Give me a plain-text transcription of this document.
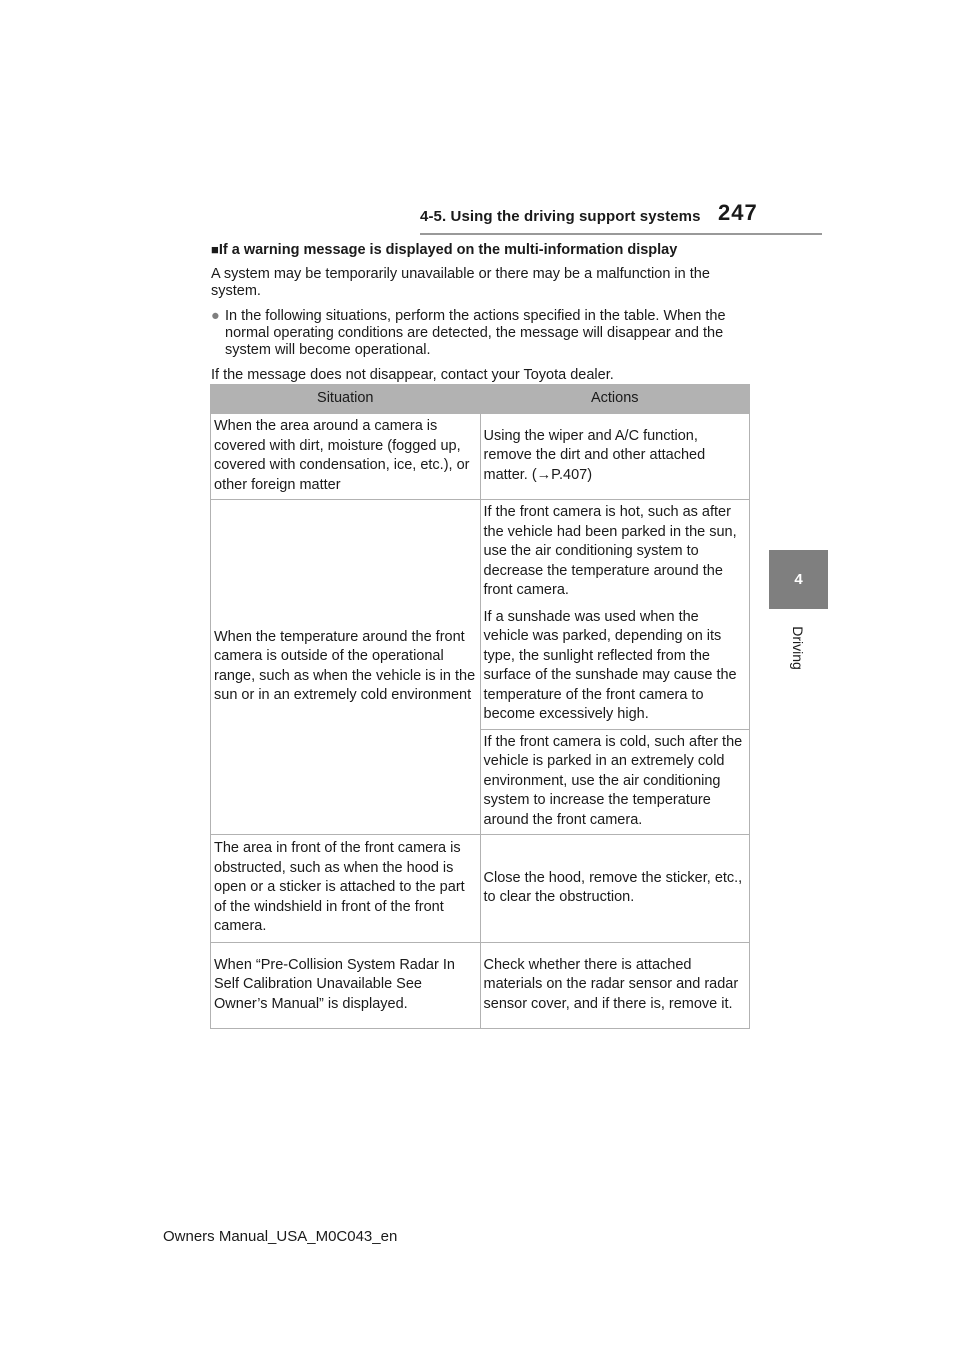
4-5. Using the driving support systems 247
4
Driving
■If a warning message is displayed on the multi-information display
A system may be temporarily unavailable or there may be a malfunction in the system.
● In the following situations, perform the actions specified in the table. When the normal operating conditions are detected, the message will disappear and the system will become operational.
If the message does not disappear, contact your Toyota dealer.
Situation	Actions

When the area around a camera is covered with dirt, moisture (fogged up, covered with condensation, ice, etc.), or other foreign matter	Using the wiper and A/C function, remove the dirt and other attached matter. (→P.407)

When the temperature around the front camera is outside of the operational range, such as when the vehicle is in the sun or in an extremely cold environment	If the front camera is hot, such as after the vehicle had been parked in the sun, use the air conditioning system to decrease the temperature around the front camera.

If a sunshade was used when the vehicle was parked, depending on its type, the sunlight reflected from the surface of the sunshade may cause the temperature of the front camera to become excessively high.

	If the front camera is cold, such after the vehicle is parked in an extremely cold environment, use the air conditioning system to increase the temperature around the front camera.

The area in front of the front camera is obstructed, such as when the hood is open or a sticker is attached to the part of the windshield in front of the front camera.	Close the hood, remove the sticker, etc., to clear the obstruction.

When “Pre-Collision System Radar In Self Calibration Unavailable See Owner’s Manual” is displayed.	Check whether there is attached materials on the radar sensor and radar sensor cover, and if there is, remove it.

Owners Manual_USA_M0C043_en
